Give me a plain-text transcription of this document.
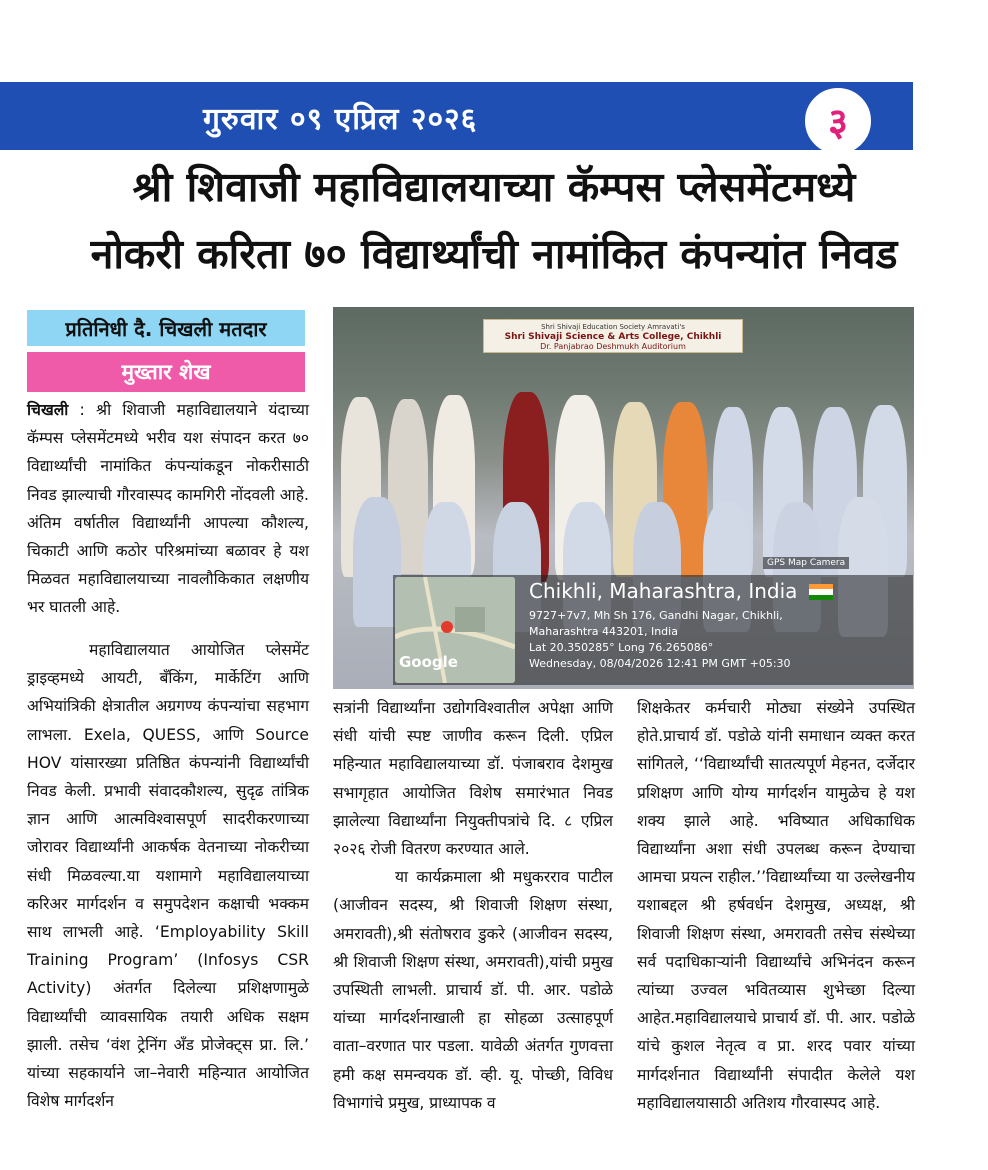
गुरुवार ०९ एप्रिल २०२६	३
श्री शिवाजी महाविद्यालयाच्या कॅम्पस प्लेसमेंटमध्ये
नोकरी करिता ७० विद्यार्थ्यांची नामांकित कंपन्यांत निवड
प्रतिनिधी दै. चिखली मतदार
मुख्तार शेख

चिखली : श्री शिवाजी महाविद्यालयाने यंदाच्या कॅम्पस प्लेसमेंटमध्ये भरीव यश संपादन करत ७० विद्यार्थ्यांची नामांकित कंपन्यांकडून नोकरीसाठी निवड झाल्याची गौरवास्पद कामगिरी नोंदवली आहे. अंतिम वर्षातील विद्यार्थ्यांनी आपल्या कौशल्य, चिकाटी आणि कठोर परिश्रमांच्या बळावर हे यश मिळवत महाविद्यालयाच्या नावलौकिकात लक्षणीय भर घातली आहे.

महाविद्यालयात आयोजित प्लेसमेंट ड्राइव्हमध्ये आयटी, बँकिंग, मार्केटिंग आणि अभियांत्रिकी क्षेत्रातील अग्रगण्य कंपन्यांचा सहभाग लाभला. Exela, QUESS, आणि Source HOV यांसारख्या प्रतिष्ठित कंपन्यांनी विद्यार्थ्यांची निवड केली. प्रभावी संवादकौशल्य, सुदृढ तांत्रिक ज्ञान आणि आत्मविश्वासपूर्ण सादरीकरणाच्या जोरावर विद्यार्थ्यांनी आकर्षक वेतनाच्या नोकरीच्या संधी मिळवल्या.या यशामागे महाविद्यालयाच्या करिअर मार्गदर्शन व समुपदेशन कक्षाची भक्कम साथ लाभली आहे. ‘Employability Skill Training Program’ (Infosys CSR Activity) अंतर्गत दिलेल्या प्रशिक्षणामुळे विद्यार्थ्यांची व्यावसायिक तयारी अधिक सक्षम झाली. तसेच ‘वंश ट्रेनिंग अँड प्रोजेक्ट्स प्रा. लि.’ यांच्या सहकार्याने जा–नेवारी महिन्यात आयोजित विशेष मार्गदर्शन

Shri Shivaji Education Society Amravati's
Shri Shivaji Science & Arts College, Chikhli
Dr. Panjabrao Deshmukh Auditorium
GPS Map Camera
Google
Chikhli, Maharashtra, India
9727+7v7, Mh Sh 176, Gandhi Nagar, Chikhli,
Maharashtra 443201, India
Lat 20.350285° Long 76.265086°
Wednesday, 08/04/2026 12:41 PM GMT +05:30

सत्रांनी विद्यार्थ्यांना उद्योगविश्वातील अपेक्षा आणि संधी यांची स्पष्ट जाणीव करून दिली. एप्रिल महिन्यात महाविद्यालयाच्या डॉ. पंजाबराव देशमुख सभागृहात आयोजित विशेष समारंभात निवड झालेल्या विद्यार्थ्यांना नियुक्तीपत्रांचे दि. ८ एप्रिल २०२६ रोजी वितरण करण्यात आले.

या कार्यक्रमाला श्री मधुकरराव पाटील (आजीवन सदस्य, श्री शिवाजी शिक्षण संस्था, अमरावती),श्री संतोषराव डुकरे (आजीवन सदस्य, श्री शिवाजी शिक्षण संस्था, अमरावती),यांची प्रमुख उपस्थिती लाभली. प्राचार्य डॉ. पी. आर. पडोळे यांच्या मार्गदर्शनाखाली हा सोहळा उत्साहपूर्ण वाता–वरणात पार पडला. यावेळी अंतर्गत गुणवत्ता हमी कक्ष समन्वयक डॉ. व्ही. यू. पोच्छी, विविध विभागांचे प्रमुख, प्राध्यापक व

शिक्षकेतर कर्मचारी मोठ्या संख्येने उपस्थित होते.प्राचार्य डॉ. पडोळे यांनी समाधान व्यक्त करत सांगितले, ‘‘विद्यार्थ्यांची सातत्यपूर्ण मेहनत, दर्जेदार प्रशिक्षण आणि योग्य मार्गदर्शन यामुळेच हे यश शक्य झाले आहे. भविष्यात अधिकाधिक विद्यार्थ्यांना अशा संधी उपलब्ध करून देण्याचा आमचा प्रयत्न राहील.’’विद्यार्थ्यांच्या या उल्लेखनीय यशाबद्दल श्री हर्षवर्धन देशमुख, अध्यक्ष, श्री शिवाजी शिक्षण संस्था, अमरावती तसेच संस्थेच्या सर्व पदाधिकाऱ्यांनी विद्यार्थ्यांचे अभिनंदन करून त्यांच्या उज्वल भवितव्यास शुभेच्छा दिल्या आहेत.महाविद्यालयाचे प्राचार्य डॉ. पी. आर. पडोळे यांचे कुशल नेतृत्व व प्रा. शरद पवार यांच्या मार्गदर्शनात विद्यार्थ्यांनी संपादीत केलेले यश महाविद्यालयासाठी अतिशय गौरवास्पद आहे.
